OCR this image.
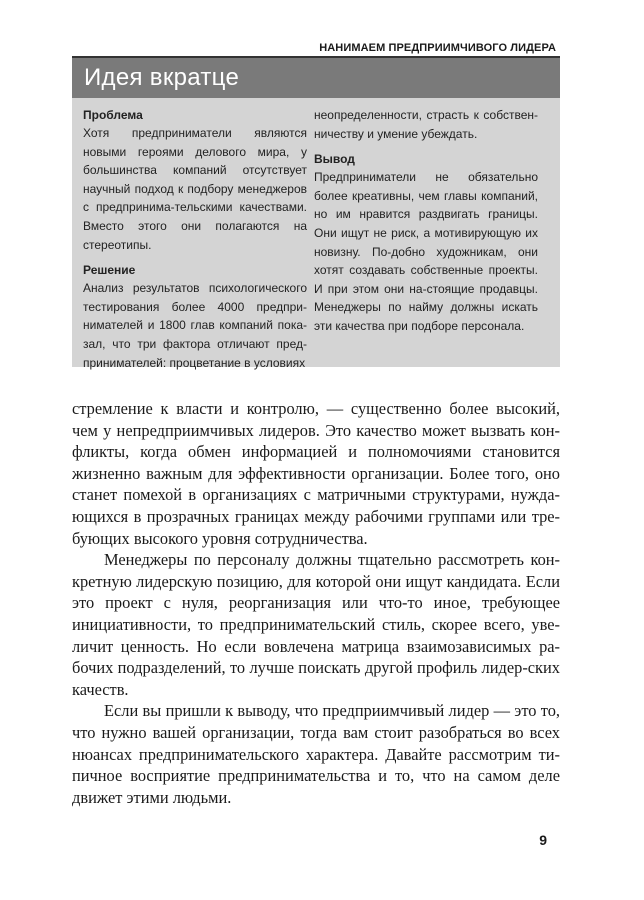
НАНИМАЕМ ПРЕДПРИИМЧИВОГО ЛИДЕРА
Идея вкратце

Проблема

Хотя предприниматели являются новыми героями делового мира, у большинства компаний отсутствует научный подход к подбору менеджеров с предпринима-тельскими качествами. Вместо этого они полагаются на стереотипы.

Решение

Анализ результатов психологического тестирования более 4000 предпри-нимателей и 1800 глав компаний пока-зал, что три фактора отличают пред-принимателей: процветание в условиях

неопределенности, страсть к собствен-ничеству и умение убеждать.

Вывод

Предприниматели не обязательно более креативны, чем главы компаний, но им нравится раздвигать границы. Они ищут не риск, а мотивирующую их новизну. По-добно художникам, они хотят создавать собственные проекты. И при этом они на-стоящие продавцы. Менеджеры по найму должны искать эти качества при подборе персонала.

стремление к власти и контролю, — существенно более высокий, чем у непредприимчивых лидеров. Это качество может вызвать кон-фликты, когда обмен информацией и полномочиями становится жизненно важным для эффективности организации. Более того, оно станет помехой в организациях с матричными структурами, нужда-ющихся в прозрачных границах между рабочими группами или тре-бующих высокого уровня сотрудничества.

Менеджеры по персоналу должны тщательно рассмотреть кон-кретную лидерскую позицию, для которой они ищут кандидата. Если это проект с нуля, реорганизация или что-то иное, требующее инициативности, то предпринимательский стиль, скорее всего, уве-личит ценность. Но если вовлечена матрица взаимозависимых ра-бочих подразделений, то лучше поискать другой профиль лидер-ских качеств.

Если вы пришли к выводу, что предприимчивый лидер — это то, что нужно вашей организации, тогда вам стоит разобраться во всех нюансах предпринимательского характера. Давайте рассмотрим ти-пичное восприятие предпринимательства и то, что на самом деле движет этими людьми.

9
